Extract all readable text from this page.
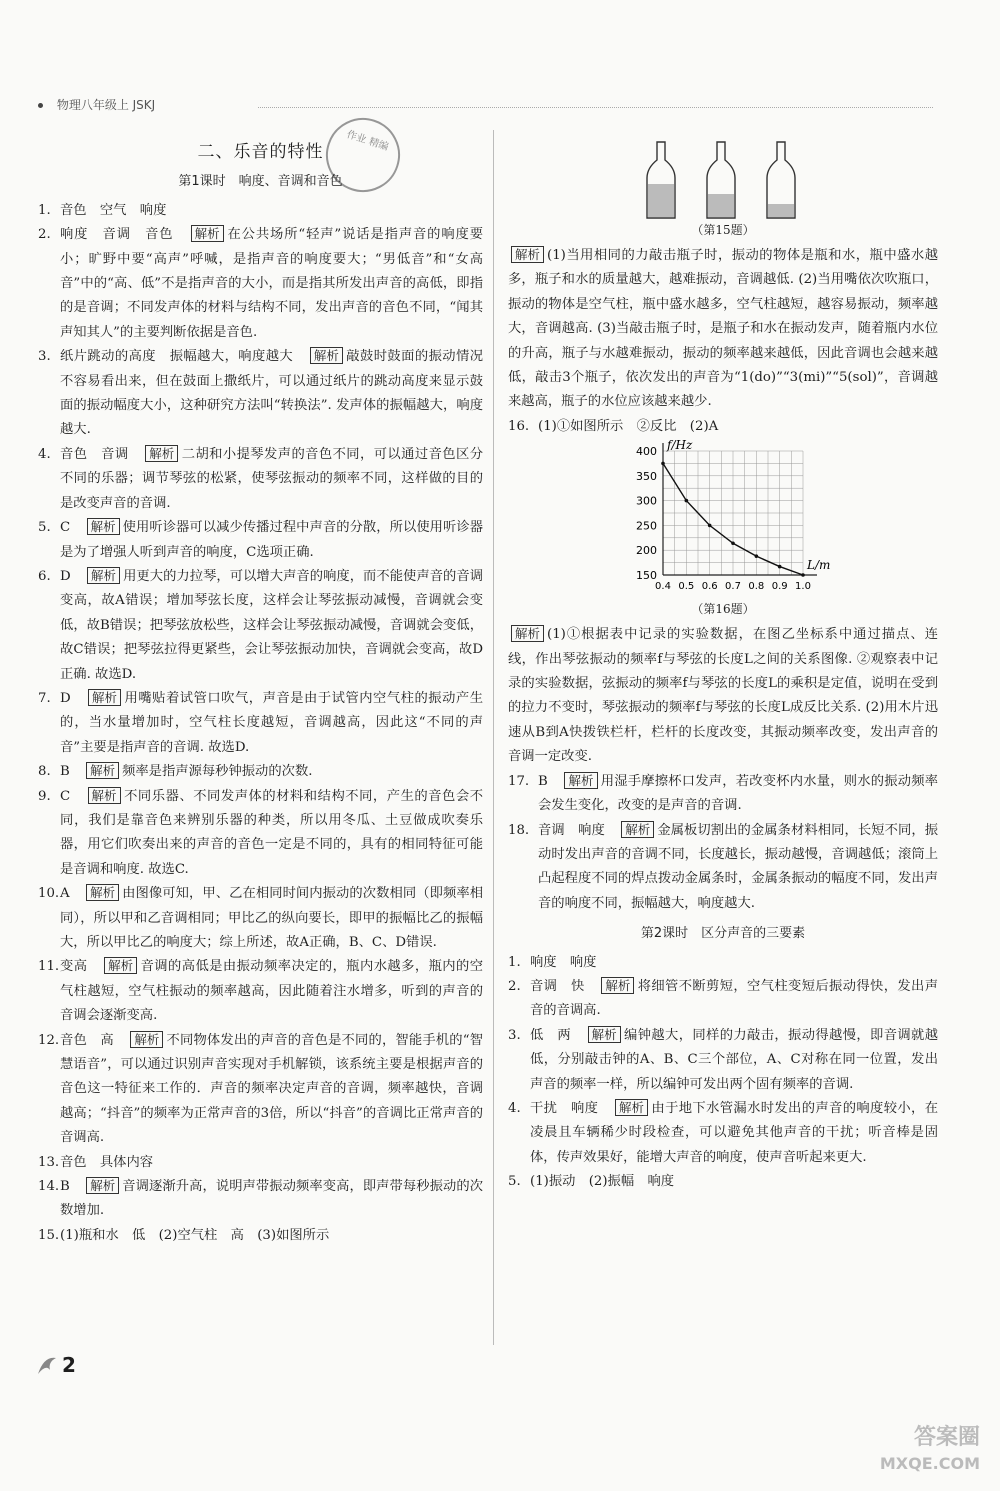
物理八年级上 JSKJ
作业 精编
二、乐音的特性
第1课时　响度、音调和音色
1. 音色　空气　响度
2. 响度　音调　音色　 解析 在公共场所“轻声”说话是指声音的响度要小；旷野中要“高声”呼喊，是指声音的响度要大；“男低音”和“女高音”中的“高、低”不是指声音的大小，而是指其所发出声音的高低，即指的是音调；不同发声体的材料与结构不同，发出声音的音色不同，“闻其声知其人”的主要判断依据是音色.
3. 纸片跳动的高度　振幅越大，响度越大　 解析 敲鼓时鼓面的振动情况不容易看出来，但在鼓面上撒纸片，可以通过纸片的跳动高度来显示鼓面的振动幅度大小，这种研究方法叫“转换法”. 发声体的振幅越大，响度越大.
4. 音色　音调　 解析 二胡和小提琴发声的音色不同，可以通过音色区分不同的乐器；调节琴弦的松紧，使琴弦振动的频率不同，这样做的目的是改变声音的音调.
5. C　 解析 使用听诊器可以减少传播过程中声音的分散，所以使用听诊器是为了增强人听到声音的响度，C选项正确.
6. D　 解析 用更大的力拉琴，可以增大声音的响度，而不能使声音的音调变高，故A错误；增加琴弦长度，这样会让琴弦振动减慢，音调就会变低，故B错误；把琴弦放松些，这样会让琴弦振动减慢，音调就会变低，故C错误；把琴弦拉得更紧些，会让琴弦振动加快，音调就会变高，故D正确. 故选D.
7. D　 解析 用嘴贴着试管口吹气，声音是由于试管内空气柱的振动产生的，当水量增加时，空气柱长度越短，音调越高，因此这“不同的声音”主要是指声音的音调. 故选D.
8. B　 解析 频率是指声源每秒钟振动的次数.
9. C　 解析 不同乐器、不同发声体的材料和结构不同，产生的音色会不同，我们是靠音色来辨别乐器的种类，所以用冬瓜、土豆做成吹奏乐器，用它们吹奏出来的声音的音色一定是不同的，具有的相同特征可能是音调和响度. 故选C.
10. A　 解析 由图像可知，甲、乙在相同时间内振动的次数相同（即频率相同），所以甲和乙音调相同；甲比乙的纵向要长，即甲的振幅比乙的振幅大，所以甲比乙的响度大；综上所述，故A正确，B、C、D错误.
11. 变高　 解析 音调的高低是由振动频率决定的，瓶内水越多，瓶内的空气柱越短，空气柱振动的频率越高，因此随着注水增多，听到的声音的音调会逐渐变高.
12. 音色　高　 解析 不同物体发出的声音的音色是不同的，智能手机的“智慧语音”，可以通过识别声音实现对手机解锁，该系统主要是根据声音的音色这一特征来工作的．声音的频率决定声音的音调，频率越快，音调越高；“抖音”的频率为正常声音的3倍，所以“抖音”的音调比正常声音的音调高.
13. 音色　具体内容
14. B　 解析 音调逐渐升高，说明声带振动频率变高，即声带每秒振动的次数增加.
15. (1)瓶和水　低　(2)空气柱　高　(3)如图所示
（第15题）
解析 (1)当用相同的力敲击瓶子时，振动的物体是瓶和水，瓶中盛水越多，瓶子和水的质量越大，越难振动，音调越低. (2)当用嘴依次吹瓶口，振动的物体是空气柱，瓶中盛水越多，空气柱越短，越容易振动，频率越大，音调越高. (3)当敲击瓶子时，是瓶子和水在振动发声，随着瓶内水位的升高，瓶子与水越难振动，振动的频率越来越低，因此音调也会越来越低，敲击3个瓶子，依次发出的声音为“1(do)”“3(mi)”“5(sol)”，音调越来越高，瓶子的水位应该越来越少.
16. (1)①如图所示　②反比　(2)A
0.4 0.5 0.6 0.7 0.8 0.9 1.0
150
200
250
300
350
400
L/m
f/Hz
（第16题）
解析 (1)①根据表中记录的实验数据，在图乙坐标系中通过描点、连线，作出琴弦振动的频率f与琴弦的长度L之间的关系图像. ②观察表中记录的实验数据，弦振动的频率f与琴弦的长度L的乘积是定值，说明在受到的拉力不变时，琴弦振动的频率f与琴弦的长度L成反比关系. (2)用木片迅速从B到A快拨铁栏杆，栏杆的长度改变，其振动频率改变，发出声音的音调一定改变.
17. B　 解析 用湿手摩擦杯口发声，若改变杯内水量，则水的振动频率会发生变化，改变的是声音的音调.
18. 音调　响度　 解析 金属板切割出的金属条材料相同，长短不同，振动时发出声音的音调不同，长度越长，振动越慢，音调越低；滚筒上凸起程度不同的焊点拨动金属条时，金属条振动的幅度不同，发出声音的响度不同，振幅越大，响度越大.
第2课时　区分声音的三要素
1. 响度　响度
2. 音调　快　 解析 将细管不断剪短，空气柱变短后振动得快，发出声音的音调高.
3. 低　两　 解析 编钟越大，同样的力敲击，振动得越慢，即音调就越低，分别敲击钟的A、B、C三个部位，A、C对称在同一位置，发出声音的频率一样，所以编钟可发出两个固有频率的音调.
4. 干扰　响度　 解析 由于地下水管漏水时发出的声音的响度较小，在凌晨且车辆稀少时段检查，可以避免其他声音的干扰；听音棒是固体，传声效果好，能增大声音的响度，使声音听起来更大.
5. (1)振动　(2)振幅　响度
2
答案圈
MXQE.COM
